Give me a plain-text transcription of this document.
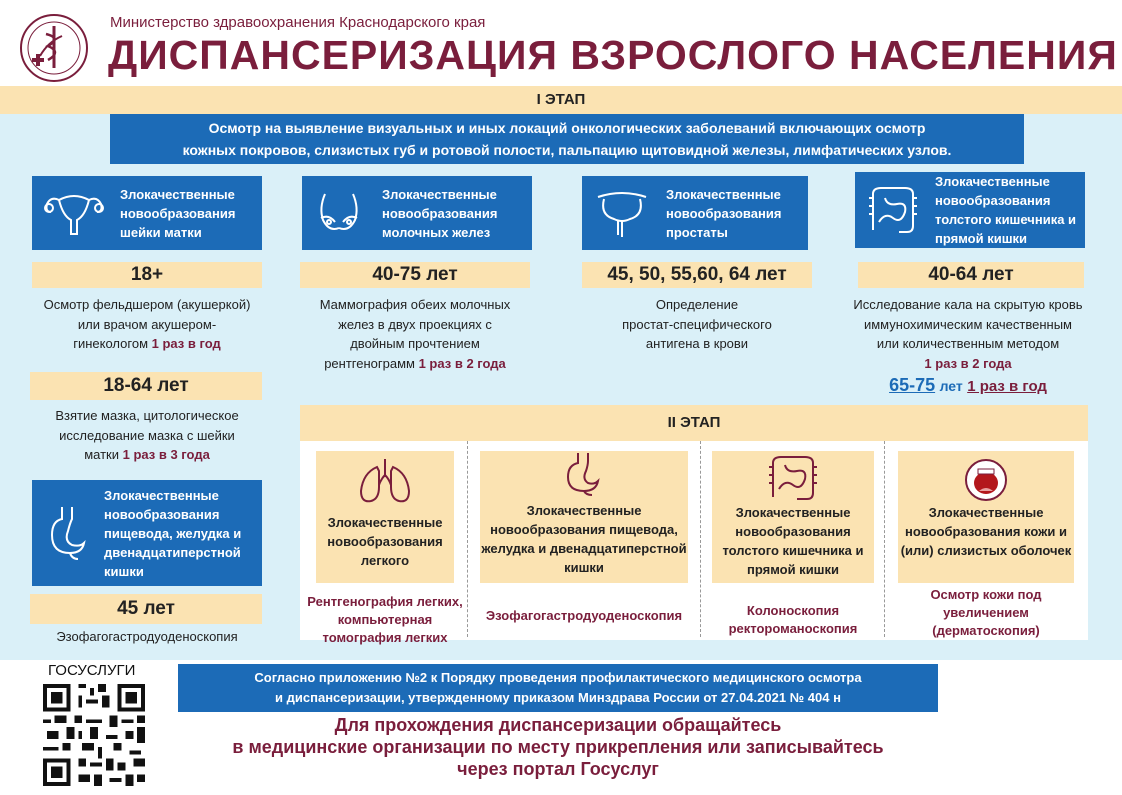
Министерство здравоохранения Краснодарского края
ДИСПАНСЕРИЗАЦИЯ ВЗРОСЛОГО НАСЕЛЕНИЯ
I ЭТАП
Осмотр на выявление визуальных и иных локаций онкологических заболеваний включающих осмотр
кожных покровов, слизистых губ и ротовой полости, пальпацию щитовидной железы, лимфатических узлов.
Злокачественные новообразования шейки матки
18+
Осмотр фельдшером (акушеркой)
или врачом акушером-
гинекологом 1 раз в год
18-64 лет
Взятие мазка, цитологическое
исследование мазка с шейки
матки 1 раз в 3 года
Злокачественные новообразования пищевода, желудка и двенадцатиперстной кишки
45 лет
Эзофагогастродуоденоскопия
Злокачественные новообразования молочных желез
40-75 лет
Маммография обеих молочных
желез в двух проекциях с
двойным прочтением
рентгенограмм 1 раз в 2 года
Злокачественные новообразования простаты
45, 50, 55,60, 64 лет
Определение
простат-специфического
антигена в крови
Злокачественные новообразования толстого кишечника и прямой кишки
40-64 лет
Исследование кала на скрытую кровь
иммунохимическим качественным
или количественным методом
1 раз в 2 года
65-75 лет 1 раз в год
II ЭТАП
Злокачественные новообразования легкого
Рентгенография легких, компьютерная томография легких
Злокачественные новообразования пищевода, желудка и двенадцатиперстной кишки
Эзофагогастродуоденоскопия
Злокачественные новообразования толстого кишечника и прямой кишки
Колоноскопия ректороманоскопия
Злокачественные новообразования кожи и (или) слизистых оболочек
Осмотр кожи под увеличением (дерматоскопия)
ГОСУСЛУГИ	Согласно приложению №2 к Порядку проведения профилактического медицинского осмотра
и диспансеризации, утвержденному приказом Минздрава России от 27.04.2021 № 404 н
Для прохождения диспансеризации обращайтесь
в медицинские организации по месту прикрепления или записывайтесь
через портал Госуслуг
